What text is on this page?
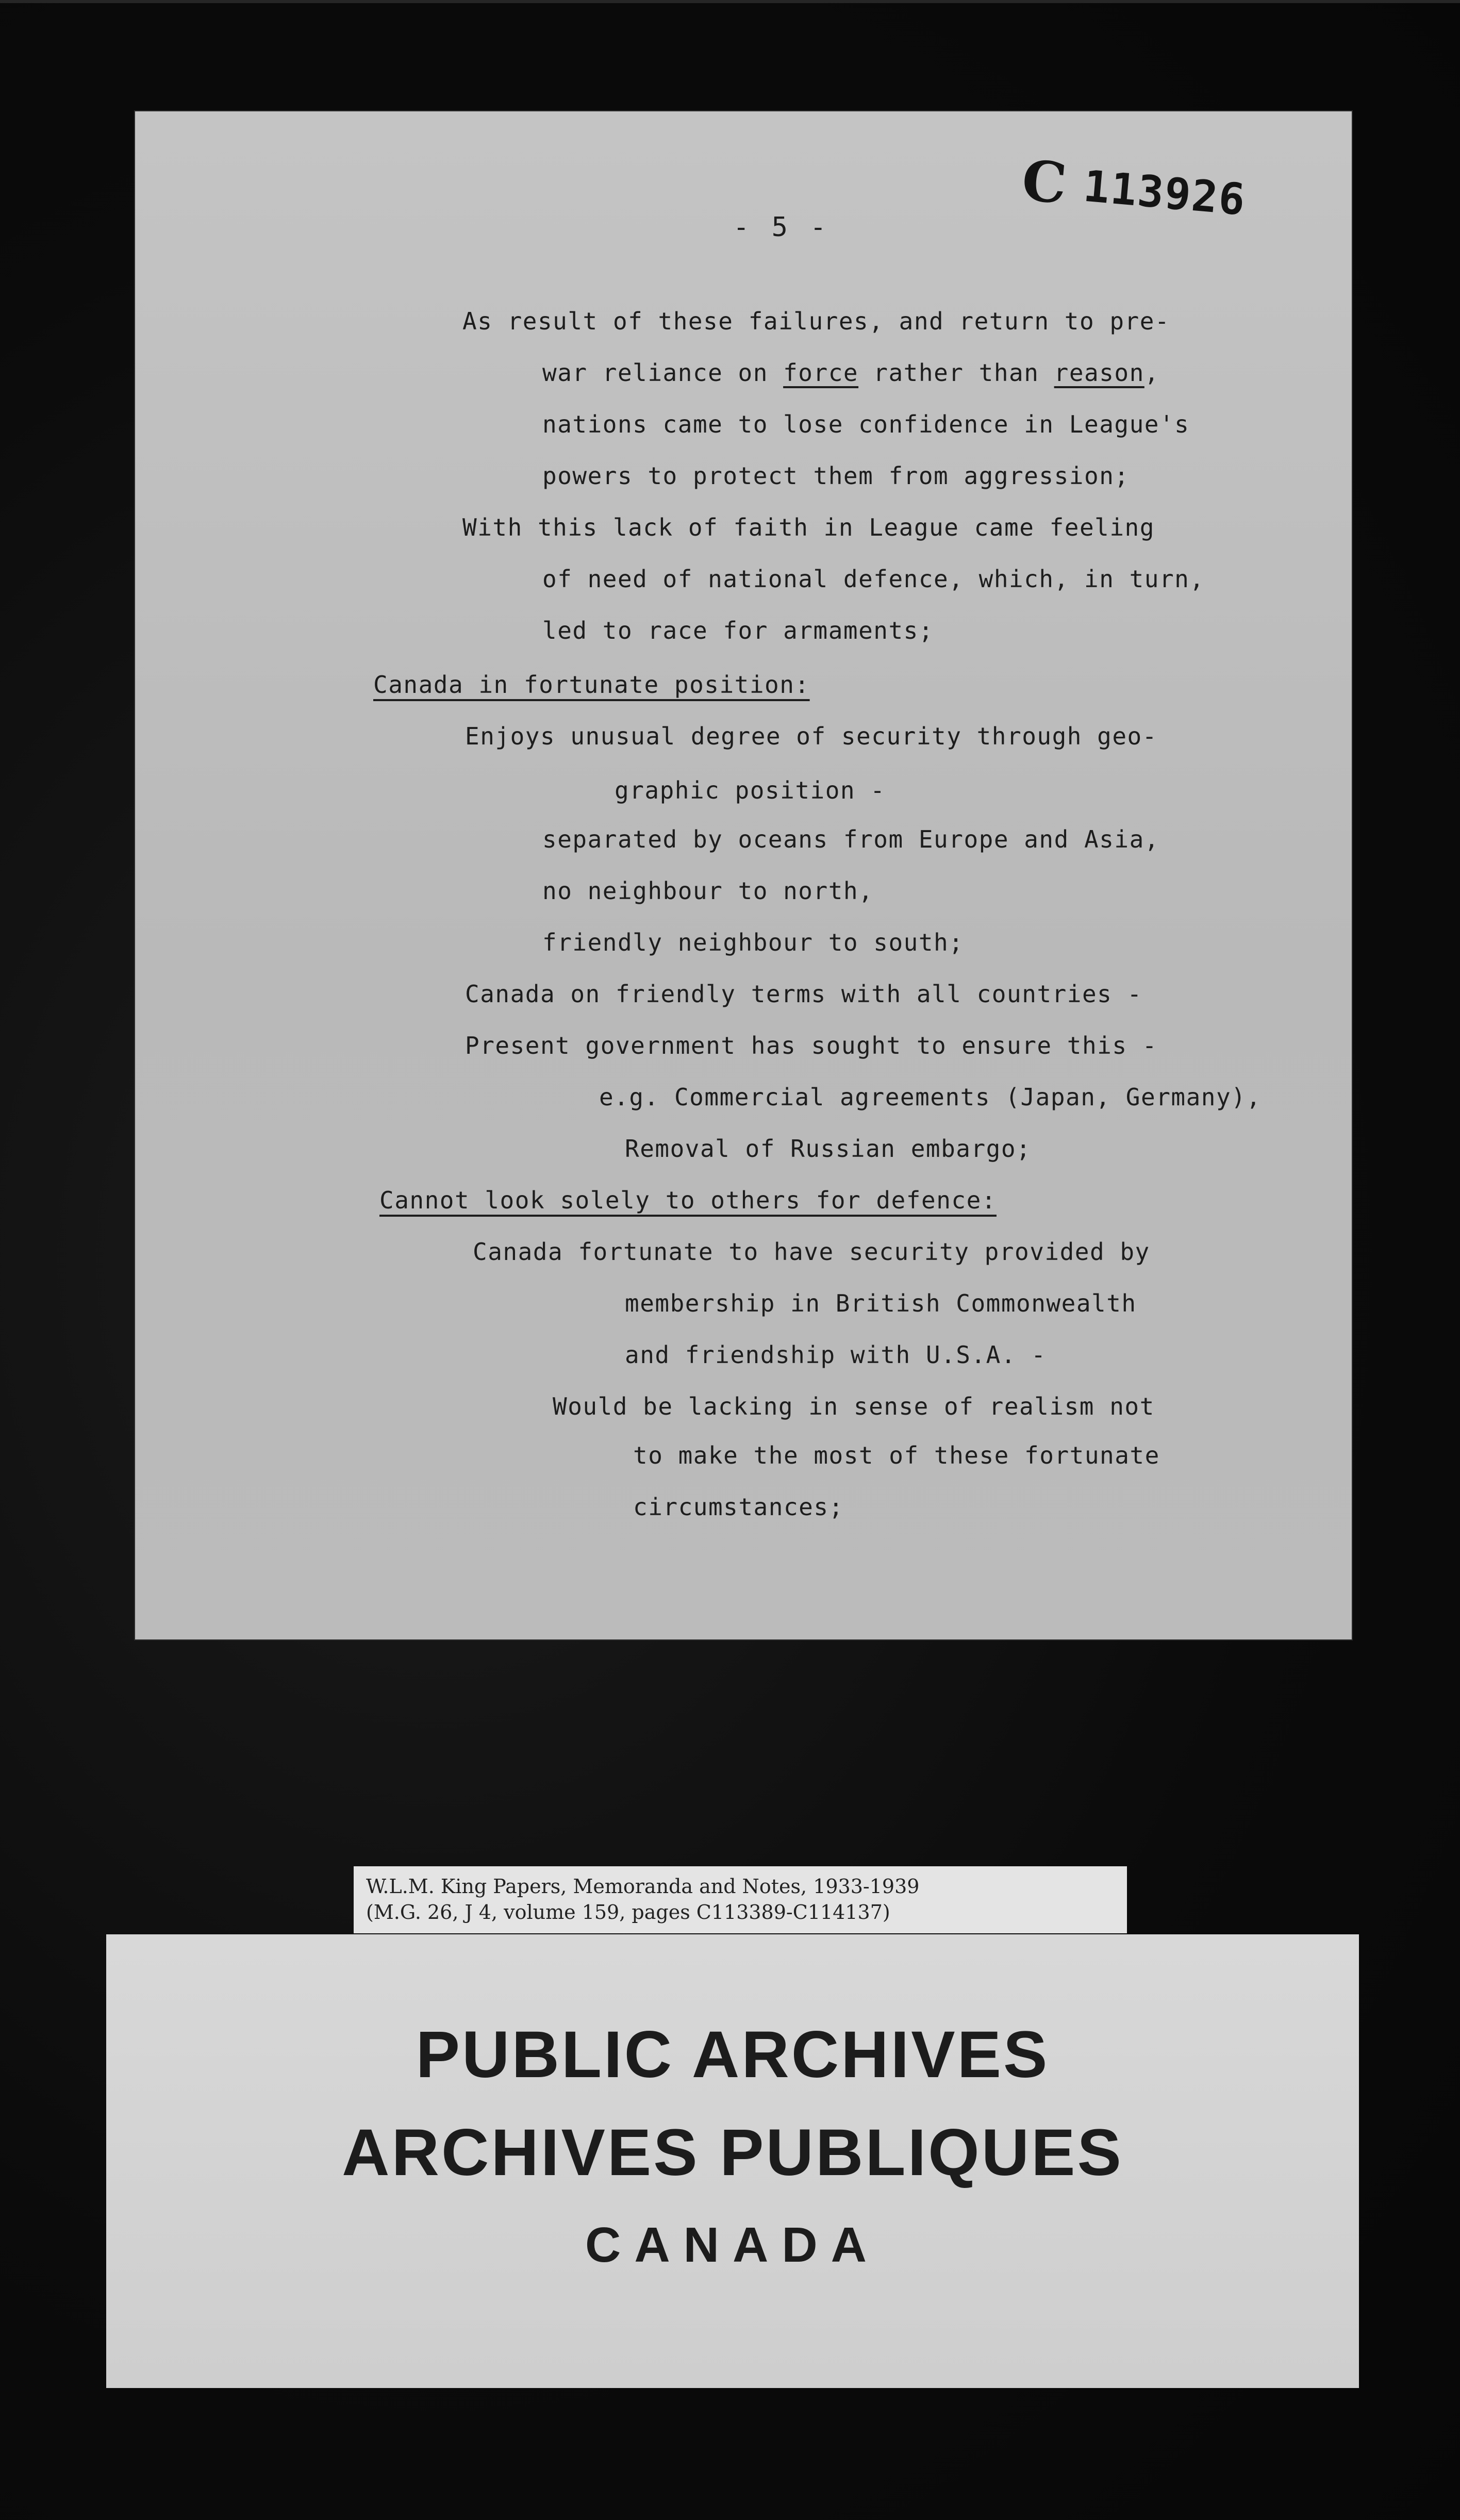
C 113926
- 5 -
As result of these failures, and return to pre-
war reliance on force rather than reason,
nations came to lose confidence in League's
powers to protect them from aggression;
With this lack of faith in League came feeling
of need of national defence, which, in turn,
led to race for armaments;
Canada in fortunate position:
Enjoys unusual degree of security through geo-
graphic position -
separated by oceans from Europe and Asia,
no neighbour to north,
friendly neighbour to south;
Canada on friendly terms with all countries -
Present government has sought to ensure this -
e.g. Commercial agreements (Japan, Germany),
Removal of Russian embargo;
Cannot look solely to others for defence:
Canada fortunate to have security provided by
membership in British Commonwealth
and friendship with U.S.A. -
Would be lacking in sense of realism not
to make the most of these fortunate
circumstances;
W.L.M. King Papers, Memoranda and Notes, 1933-1939
(M.G. 26, J 4, volume 159, pages C113389-C114137)
PUBLIC ARCHIVES
ARCHIVES PUBLIQUES
CANADA
